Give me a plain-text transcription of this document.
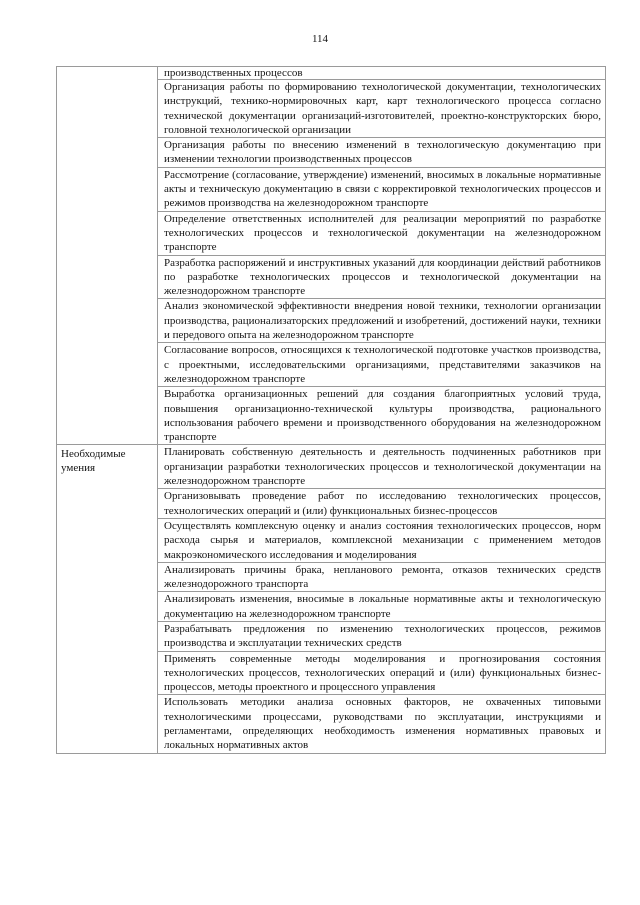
114
	производственных процессов
	Организация работы по формированию технологической документации, технологических инструкций, технико-нормировочных карт, карт технологического процесса согласно технической документации организаций-изготовителей, проектно-конструкторских бюро, головной технологической организации
	Организация работы по внесению изменений в технологическую документацию при изменении технологии производственных процессов
	Рассмотрение (согласование, утверждение) изменений, вносимых в локальные нормативные акты и техническую документацию в связи с корректировкой технологических процессов и режимов производства на железнодорожном транспорте
	Определение ответственных исполнителей для реализации мероприятий по разработке технологических процессов и технологической документации на железнодорожном транспорте
	Разработка распоряжений и инструктивных указаний для координации действий работников по разработке технологических процессов и технологической документации на железнодорожном транспорте
	Анализ экономической эффективности внедрения новой техники, технологии организации производства, рационализаторских предложений и изобретений, достижений науки, техники и передового опыта на железнодорожном транспорте
	Согласование вопросов, относящихся к технологической подготовке участков производства, с проектными, исследовательскими организациями, представителями заказчиков на железнодорожном транспорте
	Выработка организационных решений для создания благоприятных условий труда, повышения организационно-технической культуры производства, рационального использования рабочего времени и производственного оборудования на железнодорожном транспорте
Необходимые умения	Планировать собственную деятельность и деятельность подчиненных работников при организации разработки технологических процессов и технологической документации на железнодорожном транспорте
	Организовывать проведение работ по исследованию технологических процессов, технологических операций и (или) функциональных бизнес-процессов
	Осуществлять комплексную оценку и анализ состояния технологических процессов, норм расхода сырья и материалов, комплексной механизации с применением методов макроэкономического исследования и моделирования
	Анализировать причины брака, непланового ремонта, отказов технических средств железнодорожного транспорта
	Анализировать изменения, вносимые в локальные нормативные акты и технологическую документацию на железнодорожном транспорте
	Разрабатывать предложения по изменению технологических процессов, режимов производства и эксплуатации технических средств
	Применять современные методы моделирования и прогнозирования состояния технологических процессов, технологических операций и (или) функциональных бизнес-процессов, методы проектного и процессного управления
	Использовать методики анализа основных факторов, не охваченных типовыми технологическими процессами, руководствами по эксплуатации, инструкциями и регламентами, определяющих необходимость изменения нормативных правовых и локальных нормативных актов
